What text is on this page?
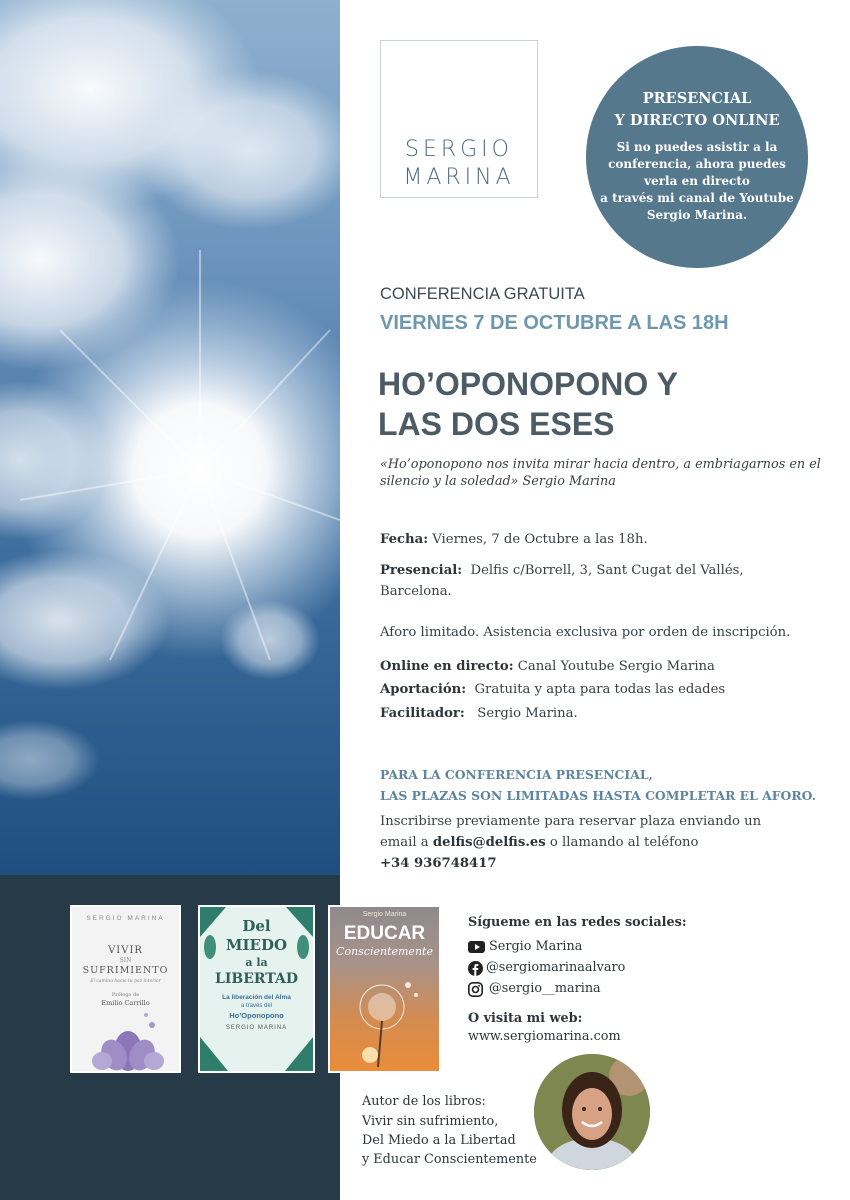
SERGIO
MARINA
PRESENCIAL
Y DIRECTO ONLINE
Si no puedes asistir a la
conferencia, ahora puedes
verla en directo
a través mi canal de Youtube
Sergio Marina.
CONFERENCIA GRATUITA
VIERNES 7 DE OCTUBRE A LAS 18H
HO’OPONOPONO Y
LAS DOS ESES
«Ho’oponopono nos invita mirar hacia dentro, a embriagarnos en el
silencio y la soledad» Sergio Marina
Fecha: Viernes, 7 de Octubre a las 18h.
Presencial:  Delfis c/Borrell, 3, Sant Cugat del Vallés,
Barcelona.
Aforo limitado. Asistencia exclusiva por orden de inscripción.
Online en directo: Canal Youtube Sergio Marina
Aportación:  Gratuita y apta para todas las edades
Facilitador:   Sergio Marina.
PARA LA CONFERENCIA PRESENCIAL,
LAS PLAZAS SON LIMITADAS HASTA COMPLETAR EL AFORO.
Inscribirse previamente para reservar plaza enviando un
email a delfis@delfis.es o llamando al teléfono
+34 936748417
SERGIO MARINA
VIVIR
SIN
SUFRIMIENTO
El camino hacia tu paz interior
Prólogo de
Emilio Carrillo
Del
MIEDO
a la
LIBERTAD
La liberación del Alma
a través del
Ho’Oponopono
SERGIO MARINA
Sergio Marina
EDUCAR
Conscientemente
Sígueme en las redes sociales:
Sergio Marina
@sergiomarinaalvaro
@sergio__marina
O visita mi web:
www.sergiomarina.com
Autor de los libros:
Vivir sin sufrimiento,
Del Miedo a la Libertad
y Educar Conscientemente
